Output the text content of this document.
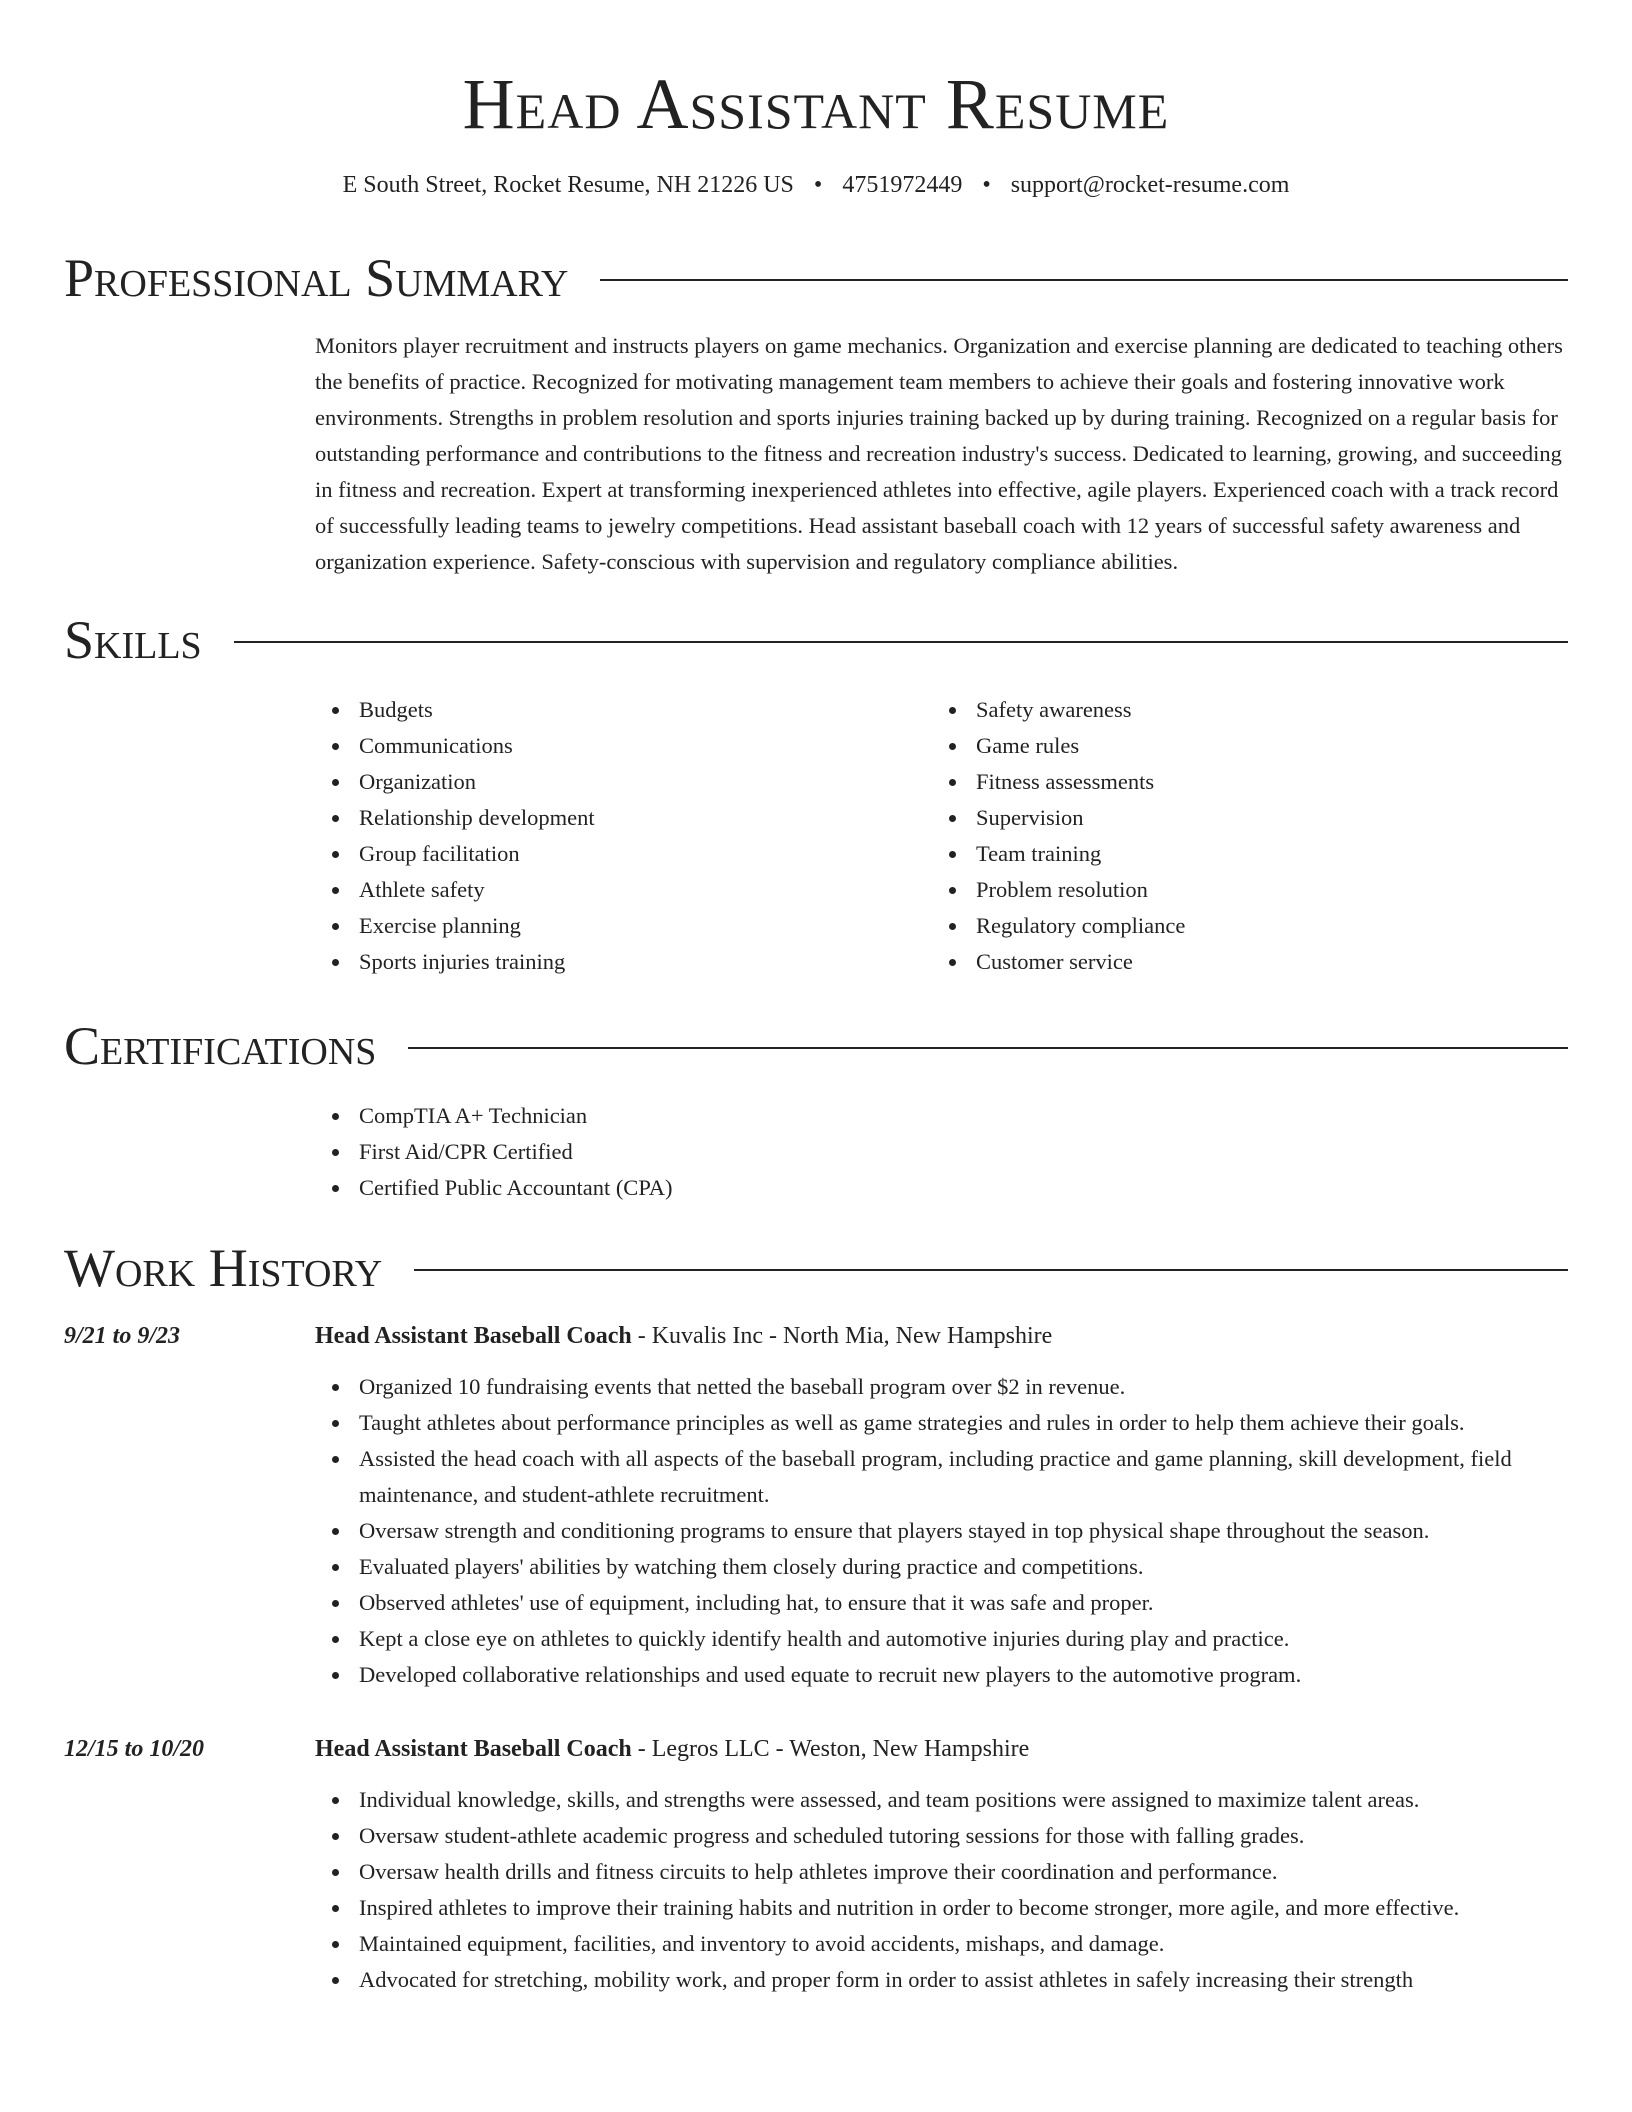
Head Assistant Resume
E South Street, Rocket Resume, NH 21226 US • 4751972449 • support@rocket-resume.com
Professional Summary
Monitors player recruitment and instructs players on game mechanics. Organization and exercise planning are dedicated to teaching others the benefits of practice. Recognized for motivating management team members to achieve their goals and fostering innovative work environments. Strengths in problem resolution and sports injuries training backed up by during training. Recognized on a regular basis for outstanding performance and contributions to the fitness and recreation industry's success. Dedicated to learning, growing, and succeeding in fitness and recreation. Expert at transforming inexperienced athletes into effective, agile players. Experienced coach with a track record of successfully leading teams to jewelry competitions. Head assistant baseball coach with 12 years of successful safety awareness and organization experience. Safety-conscious with supervision and regulatory compliance abilities.
Skills
Budgets
Communications
Organization
Relationship development
Group facilitation
Athlete safety
Exercise planning
Sports injuries training
Safety awareness
Game rules
Fitness assessments
Supervision
Team training
Problem resolution
Regulatory compliance
Customer service
Certifications
CompTIA A+ Technician
First Aid/CPR Certified
Certified Public Accountant (CPA)
Work History
9/21 to 9/23	Head Assistant Baseball Coach - Kuvalis Inc - North Mia, New Hampshire
Organized 10 fundraising events that netted the baseball program over $2 in revenue.
Taught athletes about performance principles as well as game strategies and rules in order to help them achieve their goals.
Assisted the head coach with all aspects of the baseball program, including practice and game planning, skill development, field maintenance, and student-athlete recruitment.
Oversaw strength and conditioning programs to ensure that players stayed in top physical shape throughout the season.
Evaluated players' abilities by watching them closely during practice and competitions.
Observed athletes' use of equipment, including hat, to ensure that it was safe and proper.
Kept a close eye on athletes to quickly identify health and automotive injuries during play and practice.
Developed collaborative relationships and used equate to recruit new players to the automotive program.
12/15 to 10/20	Head Assistant Baseball Coach - Legros LLC - Weston, New Hampshire
Individual knowledge, skills, and strengths were assessed, and team positions were assigned to maximize talent areas.
Oversaw student-athlete academic progress and scheduled tutoring sessions for those with falling grades.
Oversaw health drills and fitness circuits to help athletes improve their coordination and performance.
Inspired athletes to improve their training habits and nutrition in order to become stronger, more agile, and more effective.
Maintained equipment, facilities, and inventory to avoid accidents, mishaps, and damage.
Advocated for stretching, mobility work, and proper form in order to assist athletes in safely increasing their strength
